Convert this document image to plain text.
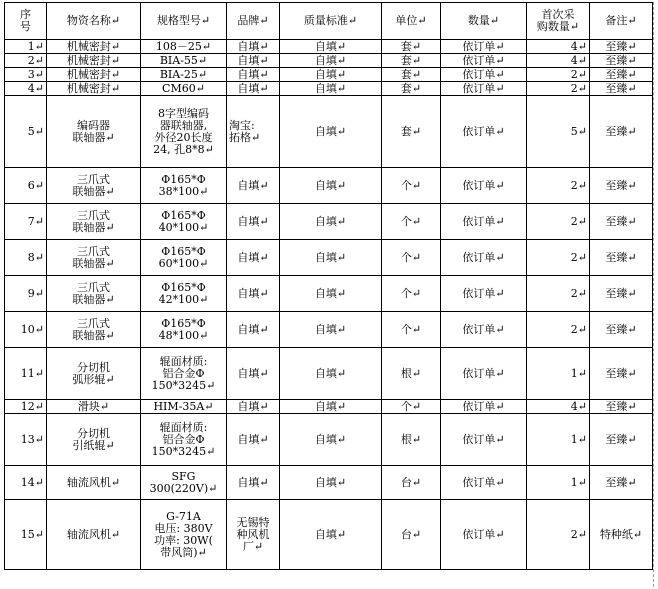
序
号	物资名称↵	规格型号↵	品牌↵	质量标准↵	单位↵	数量↵	首次采
购数量↵	备注↵
1↵	机械密封↵	108－25↵	自填↵	自填↵	套↵	依订单↵	4↵	至臻↵
2↵	机械密封↵	BIA-55↵	自填↵	自填↵	套↵	依订单↵	4↵	至臻↵
3↵	机械密封↵	BIA-25↵	自填↵	自填↵	套↵	依订单↵	2↵	至臻↵
4↵	机械密封↵	CM60↵	自填↵	自填↵	套↵	依订单↵	2↵	至臻↵
5↵	编码器
联轴器↵	8字型编码
器联轴器,
外径20长度
24, 孔8*8↵	淘宝:
拓格↵	自填↵	套↵	依订单↵	5↵	至臻↵
6↵	三爪式
联轴器↵	Φ165*Φ
38*100↵	自填↵	自填↵	个↵	依订单↵	2↵	至臻↵
7↵	三爪式
联轴器↵	Φ165*Φ
40*100↵	自填↵	自填↵	个↵	依订单↵	2↵	至臻↵
8↵	三爪式
联轴器↵	Φ165*Φ
60*100↵	自填↵	自填↵	个↵	依订单↵	2↵	至臻↵
9↵	三爪式
联轴器↵	Φ165*Φ
42*100↵	自填↵	自填↵	个↵	依订单↵	2↵	至臻↵
10↵	三爪式
联轴器↵	Φ165*Φ
48*100↵	自填↵	自填↵	个↵	依订单↵	2↵	至臻↵
11↵	分切机
弧形辊↵	辊面材质:
铝合金Φ
150*3245↵	自填↵	自填↵	根↵	依订单↵	1↵	至臻↵
12↵	滑块↵	HIM-35A↵	自填↵	自填↵	个↵	依订单↵	4↵	至臻↵
13↵	分切机
引纸辊↵	辊面材质:
铝合金Φ
150*3245↵	自填↵	自填↵	根↵	依订单↵	1↵	至臻↵
14↵	轴流风机↵	SFG
300(220V)↵	自填↵	自填↵	台↵	依订单↵	1↵	至臻↵
15↵	轴流风机↵	G-71A
电压: 380V
功率: 30W(
带风筒)↵	无锡特
种风机
厂↵	自填↵	台↵	依订单↵	2↵	特种纸↵
